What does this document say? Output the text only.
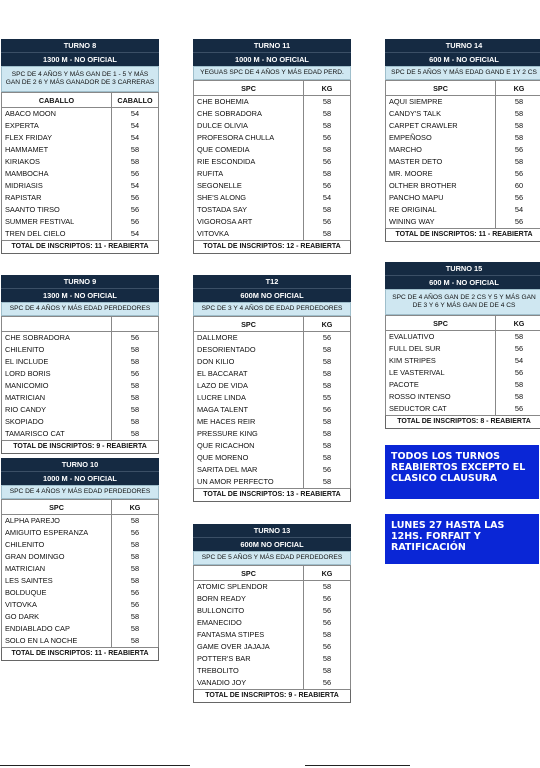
TURNO 8
1300 M - NO OFICIAL
SPC DE 4 AÑOS Y MÁS GAN DE 1 - 5 Y MÁS GAN DE 2 6 Y MÁS GANADOR DE 3 CARRERAS
CABALLO	CABALLO
ABACO MOON	54
EXPERTA	54
FLEX FRIDAY	54
HAMMAMET	58
KIRIAKOS	58
MAMBOCHA	56
MIDRIASIS	54
RAPISTAR	56
SAANTO TIRSO	56
SUMMER FESTIVAL	56
TREN DEL CIELO	54
TOTAL DE INSCRIPTOS: 11 - REABIERTA
TURNO 11
1000 M - NO OFICIAL
YEGUAS SPC DE 4 AÑOS Y MÁS EDAD PERD.
SPC	KG
CHE BOHEMIA	58
CHE SOBRADORA	58
DULCE OLIVIA	58
PROFESORA CHULLA	56
QUE COMEDIA	58
RIE ESCONDIDA	56
RUFITA	58
SEGONELLE	56
SHE'S ALONG	54
TOSTADA SAY	58
VIGOROSA ART	56
VITOVKA	58
TOTAL DE INSCRIPTOS: 12 - REABIERTA
TURNO 14
600 M - NO OFICIAL
SPC DE 5 AÑOS Y MÁS EDAD GAND E 1Y 2 CS
SPC	KG
AQUI SIEMPRE	58
CANDY'S TALK	58
CARPET CRAWLER	58
EMPEÑOSO	58
MARCHO	56
MASTER DETO	58
MR. MOORE	56
OLTHER BROTHER	60
PANCHO MAPU	56
RE ORIGINAL	54
WINING WAY	56
TOTAL DE INSCRIPTOS: 11 - REABIERTA
TURNO 9
1300 M - NO OFICIAL
SPC DE 4 AÑOS Y MÁS EDAD PERDEDORES

CHE SOBRADORA	56
CHILENITO	58
EL INCLUDE	58
LORD BORIS	56
MANICOMIO	58
MATRICIAN	58
RIO CANDY	58
SKOPIADO	58
TAMARISCO CAT	58
TOTAL DE INSCRIPTOS: 9 - REABIERTA
T12
600M NO OFICIAL
SPC DE 3 Y 4 AÑOS DE EDAD PERDEDORES
SPC	KG
DALLMORE	56
DESORIENTADO	58
DON KILIO	58
EL BACCARAT	58
LAZO DE VIDA	58
LUCRE LINDA	55
MAGA TALENT	56
ME HACES REIR	58
PRESSURE KING	58
QUE RICACHON	58
QUE MORENO	58
SARITA DEL MAR	56
UN AMOR PERFECTO	58
TOTAL DE INSCRIPTOS: 13 - REABIERTA
TURNO 15
600 M - NO OFICIAL
SPC DE 4 AÑOS GAN DE 2 CS Y 5 Y MÁS GAN DE 3 Y 6 Y MÁS GAN DE DE 4 CS
SPC	KG
EVALUATIVO	58
FULL DEL SUR	56
KIM STRIPES	54
LE VASTERIVAL	56
PACOTE	58
ROSSO INTENSO	58
SEDUCTOR CAT	56
TOTAL DE INSCRIPTOS: 8 - REABIERTA
TURNO 10
1000 M - NO OFICIAL
SPC DE 4 AÑOS Y MÁS EDAD PERDEDORES
SPC	KG
ALPHA PAREJO	58
AMIGUITO ESPERANZA	56
CHILENITO	58
GRAN DOMINGO	58
MATRICIAN	58
LES SAINTES	58
BOLDUQUE	56
VITOVKA	56
GO DARK	58
ENDIABLADO CAP	58
SOLO EN LA NOCHE	58
TOTAL DE INSCRIPTOS: 11 - REABIERTA
TURNO 13
600M NO OFICIAL
SPC DE 5 AÑOS Y MÁS EDAD PERDEDORES
SPC	KG
ATOMIC SPLENDOR	58
BORN READY	56
BULLONCITO	56
EMANECIDO	56
FANTASMA STIPES	58
GAME OVER JAJAJA	56
POTTER'S BAR	58
TREBOLITO	58
VANADIO JOY	56
TOTAL DE INSCRIPTOS: 9 - REABIERTA
TODOS LOS TURNOS REABIERTOS EXCEPTO EL CLASICO CLAUSURA
LUNES 27 HASTA LAS 12HS. FORFAIT Y RATIFICACIÓN
